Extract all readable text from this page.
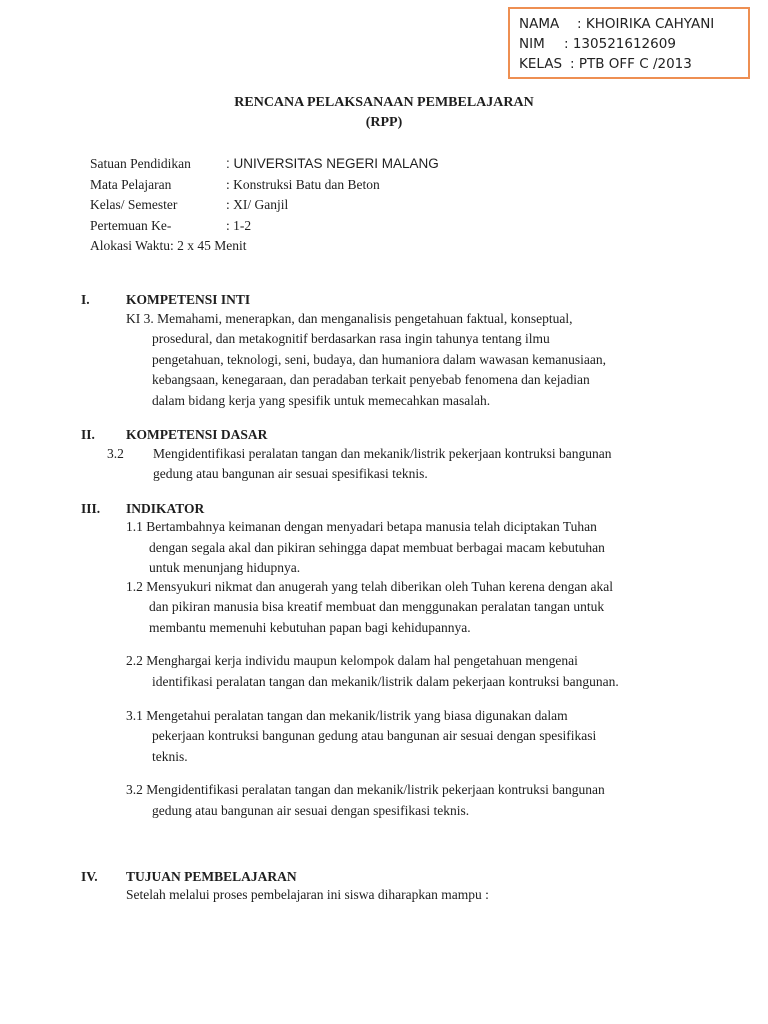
NAMA : KHOIRIKA CAHYANI
NIM : 130521612609
KELAS : PTB OFF C /2013
RENCANA PELAKSANAAN PEMBELAJARAN
(RPP)
Satuan Pendidikan	: UNIVERSITAS NEGERI MALANG
Mata Pelajaran	: Konstruksi Batu dan Beton
Kelas/ Semester	: XI/ Ganjil
Pertemuan Ke-	: 1-2
Alokasi Waktu: 2 x 45 Menit
I.	KOMPETENSI INTI
KI 3. Memahami, menerapkan, dan menganalisis pengetahuan faktual, konseptual,
prosedural, dan metakognitif berdasarkan rasa ingin tahunya tentang ilmu
pengetahuan, teknologi, seni, budaya, dan humaniora dalam wawasan kemanusiaan,
kebangsaan, kenegaraan, dan peradaban terkait penyebab fenomena dan kejadian
dalam bidang kerja yang spesifik untuk memecahkan masalah.
II. KOMPETENSI DASAR
3.2 Mengidentifikasi peralatan tangan dan mekanik/listrik pekerjaan kontruksi bangunan
gedung atau bangunan air sesuai spesifikasi teknis.
III. INDIKATOR
1.1 Bertambahnya keimanan dengan menyadari betapa manusia telah diciptakan Tuhan
dengan segala akal dan pikiran sehingga dapat membuat berbagai macam kebutuhan
untuk menunjang hidupnya.
1.2 Mensyukuri nikmat dan anugerah yang telah diberikan oleh Tuhan kerena dengan akal
dan pikiran manusia bisa kreatif membuat dan menggunakan peralatan tangan untuk
membantu memenuhi kebutuhan papan bagi kehidupannya.
2.2 Menghargai kerja individu maupun kelompok dalam hal pengetahuan mengenai
identifikasi peralatan tangan dan mekanik/listrik dalam pekerjaan kontruksi bangunan.
3.1 Mengetahui peralatan tangan dan mekanik/listrik yang biasa digunakan dalam
pekerjaan kontruksi bangunan gedung atau bangunan air sesuai dengan spesifikasi
teknis.
3.2 Mengidentifikasi peralatan tangan dan mekanik/listrik pekerjaan kontruksi bangunan
gedung atau bangunan air sesuai dengan spesifikasi teknis.
IV. TUJUAN PEMBELAJARAN
Setelah melalui proses pembelajaran ini siswa diharapkan mampu :
